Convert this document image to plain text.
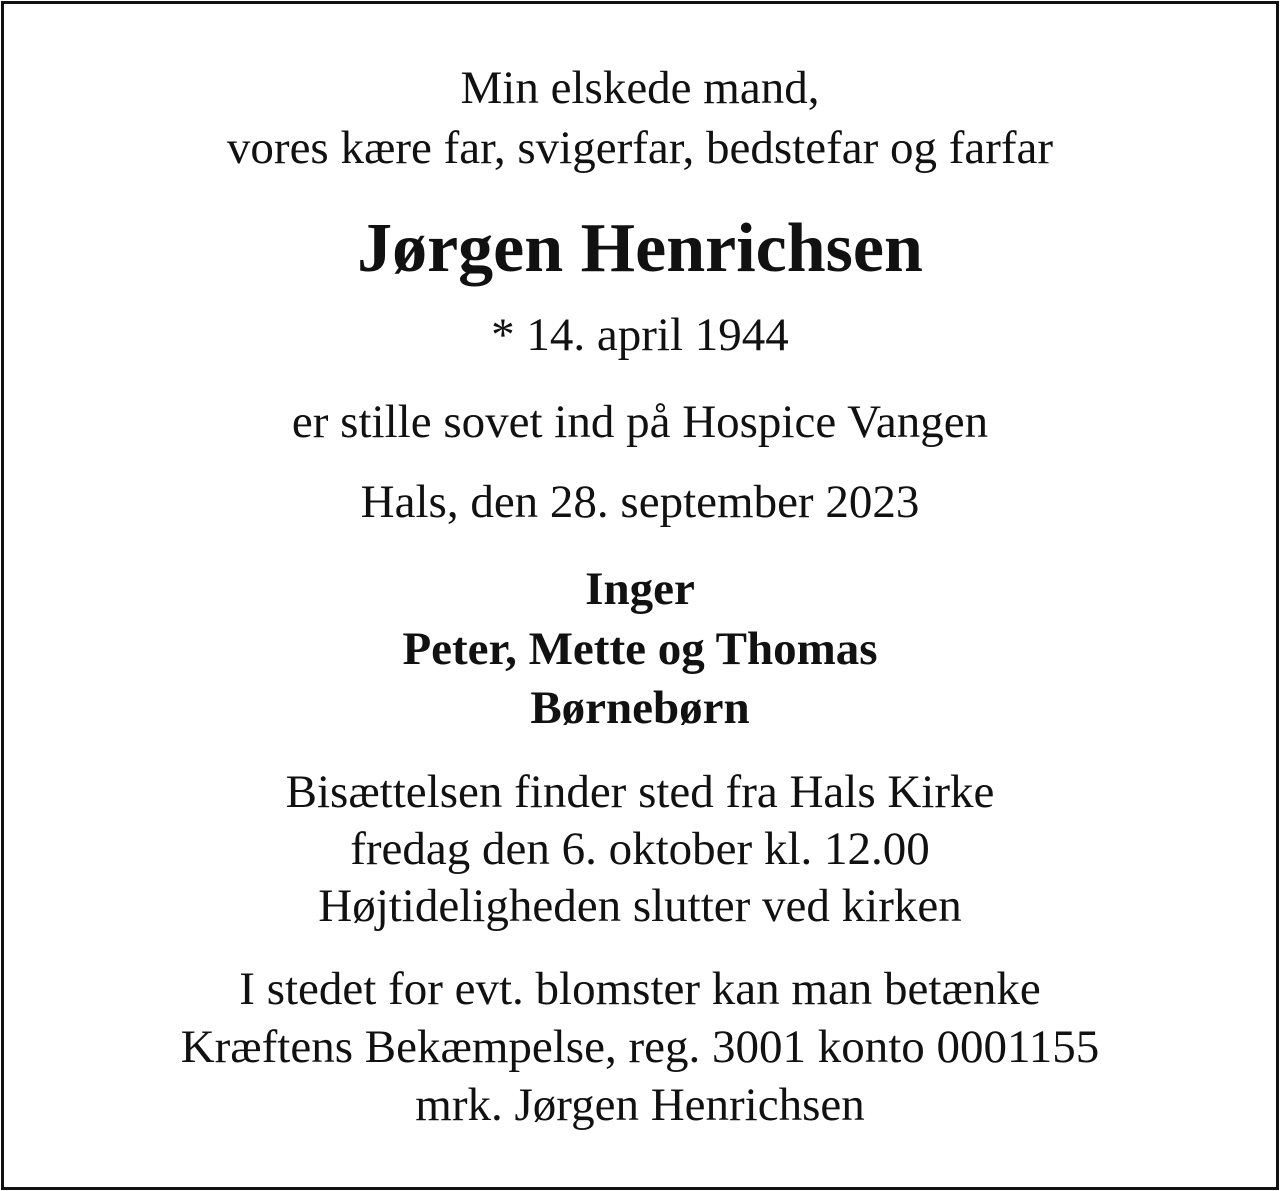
Min elskede mand,
vores kære far, svigerfar, bedstefar og farfar
Jørgen Henrichsen
* 14. april 1944
er stille sovet ind på Hospice Vangen
Hals, den 28. september 2023
Inger
Peter, Mette og Thomas
Børnebørn
Bisættelsen finder sted fra Hals Kirke
fredag den 6. oktober kl. 12.00
Højtideligheden slutter ved kirken
I stedet for evt. blomster kan man betænke
Kræftens Bekæmpelse, reg. 3001 konto 0001155
mrk. Jørgen Henrichsen
